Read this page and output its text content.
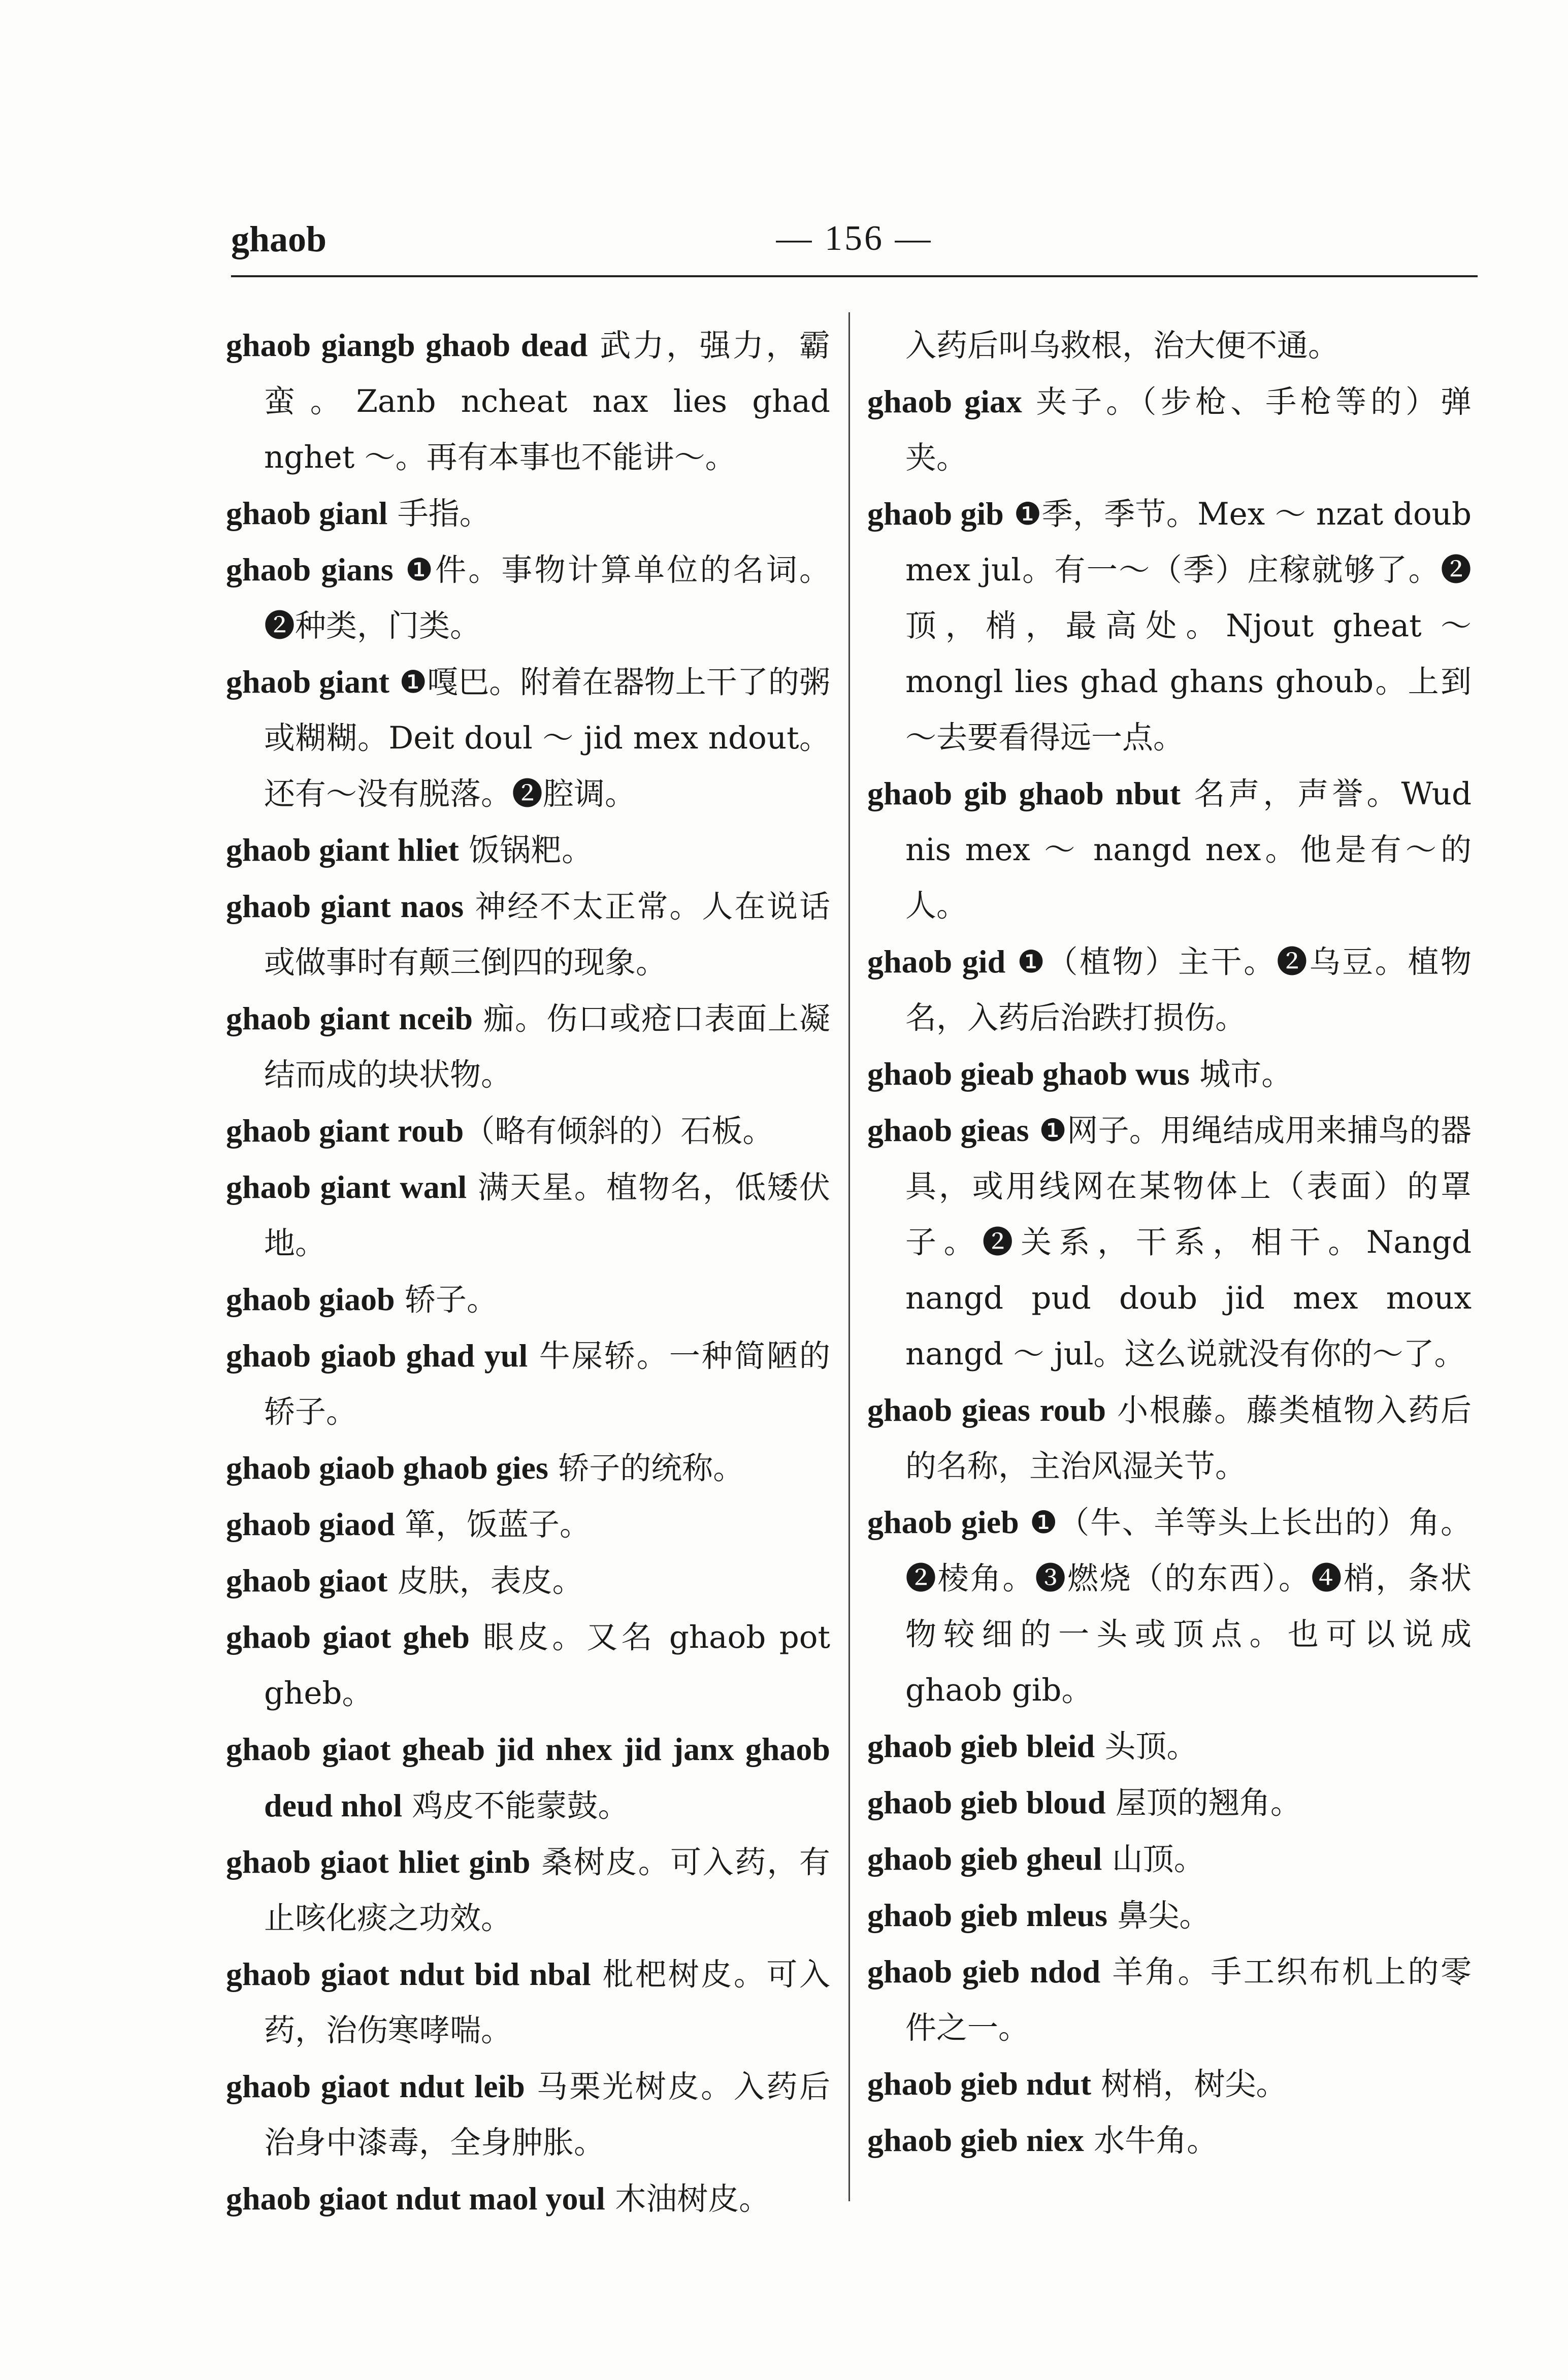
ghaob	— 156 —
ghaob giangb ghaob dead 武力，强力，霸蛮。Zanb ncheat nax lies ghad nghet ～。再有本事也不能讲～。
ghaob gianl 手指。
ghaob gians ❶件。事物计算单位的名词。❷种类，门类。
ghaob giant ❶嘎巴。附着在器物上干了的粥或糊糊。Deit doul ～ jid mex ndout。还有～没有脱落。❷腔调。
ghaob giant hliet 饭锅粑。
ghaob giant naos 神经不太正常。人在说话或做事时有颠三倒四的现象。
ghaob giant nceib 痂。伤口或疮口表面上凝结而成的块状物。
ghaob giant roub（略有倾斜的）石板。
ghaob giant wanl 满天星。植物名，低矮伏地。
ghaob giaob 轿子。
ghaob giaob ghad yul 牛屎轿。一种简陋的轿子。
ghaob giaob ghaob gies 轿子的统称。
ghaob giaod 箪，饭蓝子。
ghaob giaot 皮肤，表皮。
ghaob giaot gheb 眼皮。又名 ghaob pot gheb。
ghaob giaot gheab jid nhex jid janx ghaob deud nhol 鸡皮不能蒙鼓。
ghaob giaot hliet ginb 桑树皮。可入药，有止咳化痰之功效。
ghaob giaot ndut bid nbal 枇杷树皮。可入药，治伤寒哮喘。
ghaob giaot ndut leib 马栗光树皮。入药后治身中漆毒，全身肿胀。
ghaob giaot ndut maol youl 木油树皮。
入药后叫乌救根，治大便不通。
ghaob giax 夹子。（步枪、手枪等的）弹夹。
ghaob gib ❶季，季节。Mex ～ nzat doub mex jul。有一～（季）庄稼就够了。❷顶，梢，最高处。Njout gheat ～ mongl lies ghad ghans ghoub。上到～去要看得远一点。
ghaob gib ghaob nbut 名声，声誉。Wud nis mex ～ nangd nex。他是有～的人。
ghaob gid ❶（植物）主干。❷乌豆。植物名，入药后治跌打损伤。
ghaob gieab ghaob wus 城市。
ghaob gieas ❶网子。用绳结成用来捕鸟的器具，或用线网在某物体上（表面）的罩子。❷关系，干系，相干。Nangd nangd pud doub jid mex moux nangd ～ jul。这么说就没有你的～了。
ghaob gieas roub 小根藤。藤类植物入药后的名称，主治风湿关节。
ghaob gieb ❶（牛、羊等头上长出的）角。❷棱角。❸燃烧（的东西）。❹梢，条状物较细的一头或顶点。也可以说成 ghaob gib。
ghaob gieb bleid 头顶。
ghaob gieb bloud 屋顶的翘角。
ghaob gieb gheul 山顶。
ghaob gieb mleus 鼻尖。
ghaob gieb ndod 羊角。手工织布机上的零件之一。
ghaob gieb ndut 树梢，树尖。
ghaob gieb niex 水牛角。
